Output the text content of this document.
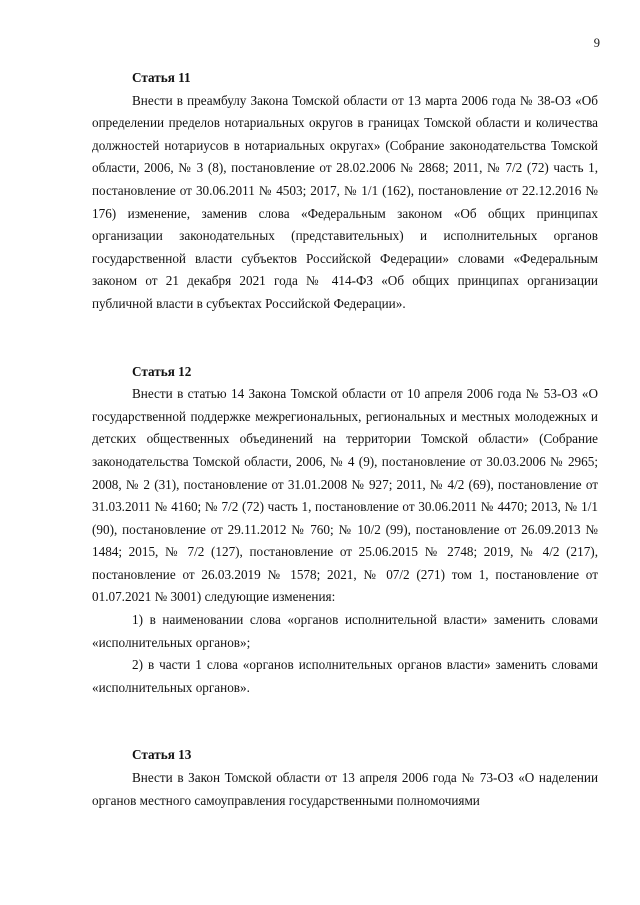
9

Статья 11

Внести в преамбулу Закона Томской области от 13 марта 2006 года № 38-ОЗ «Об определении пределов нотариальных округов в границах Томской области и количества должностей нотариусов в нотариальных округах» (Собрание законодательства Томской области, 2006, № 3 (8), постановление от 28.02.2006 № 2868; 2011, № 7/2 (72) часть 1, постановление от 30.06.2011 № 4503; 2017, № 1/1 (162), постановление от 22.12.2016 № 176) изменение, заменив слова «Федеральным законом «Об общих принципах организации законодательных (представительных) и исполнительных органов государственной власти субъектов Российской Федерации» словами «Федеральным законом от 21 декабря 2021 года № 414-ФЗ «Об общих принципах организации публичной власти в субъектах Российской Федерации».

Статья 12

Внести в статью 14 Закона Томской области от 10 апреля 2006 года № 53-ОЗ «О государственной поддержке межрегиональных, региональных и местных молодежных и детских общественных объединений на территории Томской области» (Собрание законодательства Томской области, 2006, № 4 (9), постановление от 30.03.2006 № 2965; 2008, № 2 (31), постановление от 31.01.2008 № 927; 2011, № 4/2 (69), постановление от 31.03.2011 № 4160; № 7/2 (72) часть 1, постановление от 30.06.2011 № 4470; 2013, № 1/1 (90), постановление от 29.11.2012 № 760; № 10/2 (99), постановление от 26.09.2013 № 1484; 2015, № 7/2 (127), постановление от 25.06.2015 № 2748; 2019, № 4/2 (217), постановление от 26.03.2019 № 1578; 2021, № 07/2 (271) том 1, постановление от 01.07.2021 № 3001) следующие изменения:

1) в наименовании слова «органов исполнительной власти» заменить словами «исполнительных органов»;

2) в части 1 слова «органов исполнительных органов власти» заменить словами «исполнительных органов».

Статья 13

Внести в Закон Томской области от 13 апреля 2006 года № 73-ОЗ «О наделении органов местного самоуправления государственными полномочиями
